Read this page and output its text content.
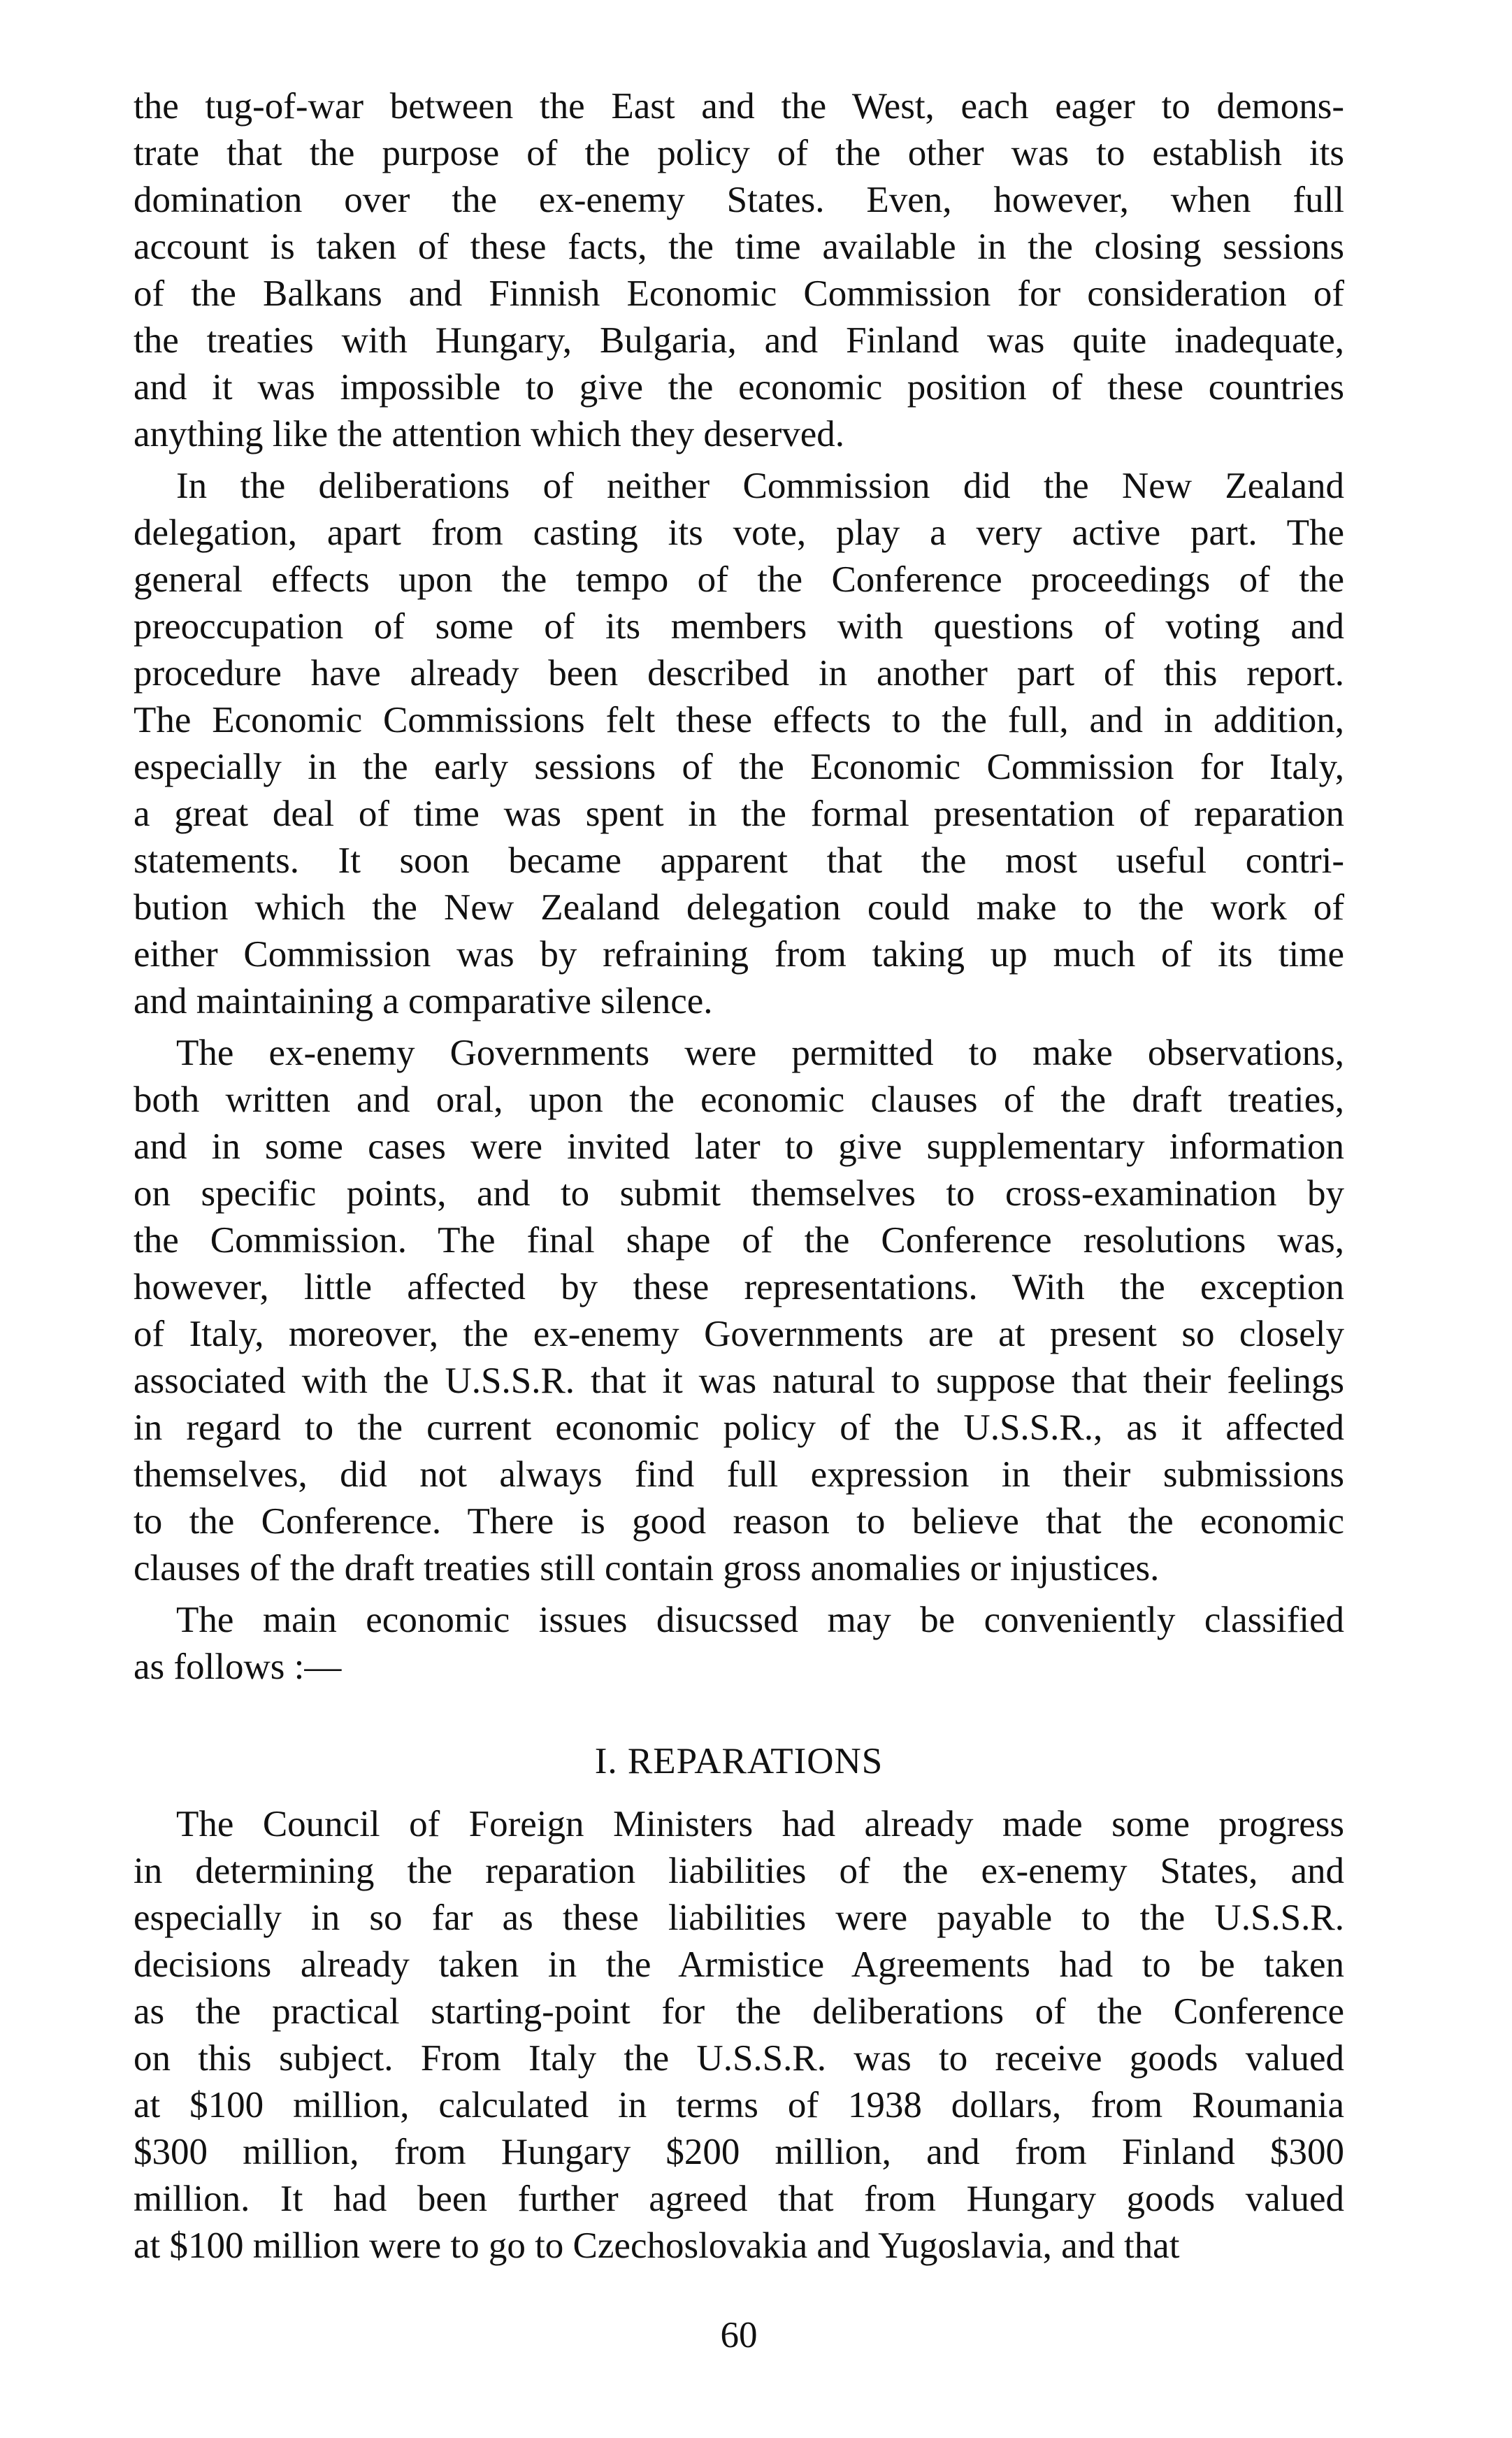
the tug-of-war between the East and the West, each eager to demons-
trate that the purpose of the policy of the other was to establish its
domination over the ex-enemy States. Even, however, when full
account is taken of these facts, the time available in the closing sessions
of the Balkans and Finnish Economic Commission for consideration of
the treaties with Hungary, Bulgaria, and Finland was quite inadequate,
and it was impossible to give the economic position of these countries
anything like the attention which they deserved.
In the deliberations of neither Commission did the New Zealand
delegation, apart from casting its vote, play a very active part. The
general effects upon the tempo of the Conference proceedings of the
preoccupation of some of its members with questions of voting and
procedure have already been described in another part of this report.
The Economic Commissions felt these effects to the full, and in addition,
especially in the early sessions of the Economic Commission for Italy,
a great deal of time was spent in the formal presentation of reparation
statements. It soon became apparent that the most useful contri-
bution which the New Zealand delegation could make to the work of
either Commission was by refraining from taking up much of its time
and maintaining a comparative silence.
The ex-enemy Governments were permitted to make observations,
both written and oral, upon the economic clauses of the draft treaties,
and in some cases were invited later to give supplementary information
on specific points, and to submit themselves to cross-examination by
the Commission. The final shape of the Conference resolutions was,
however, little affected by these representations. With the exception
of Italy, moreover, the ex-enemy Governments are at present so closely
associated with the U.S.S.R. that it was natural to suppose that their feelings
in regard to the current economic policy of the U.S.S.R., as it affected
themselves, did not always find full expression in their submissions
to the Conference. There is good reason to believe that the economic
clauses of the draft treaties still contain gross anomalies or injustices.
The main economic issues disucssed may be conveniently classified
as follows :—
I. REPARATIONS
The Council of Foreign Ministers had already made some progress
in determining the reparation liabilities of the ex-enemy States, and
especially in so far as these liabilities were payable to the U.S.S.R.
decisions already taken in the Armistice Agreements had to be taken
as the practical starting-point for the deliberations of the Conference
on this subject. From Italy the U.S.S.R. was to receive goods valued
at $100 million, calculated in terms of 1938 dollars, from Roumania
$300 million, from Hungary $200 million, and from Finland $300
million. It had been further agreed that from Hungary goods valued
at $100 million were to go to Czechoslovakia and Yugoslavia, and that
60
